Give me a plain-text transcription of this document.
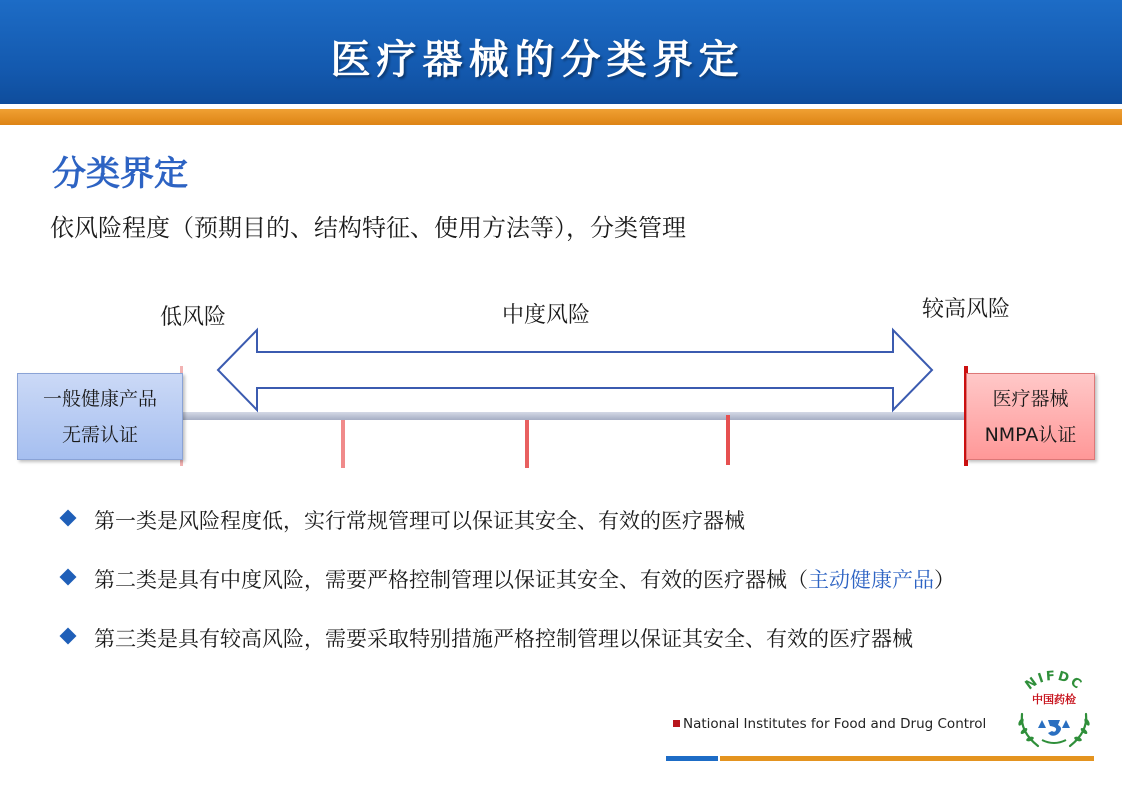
医疗器械的分类界定
分类界定
依风险程度（预期目的、结构特征、使用方法等），分类管理
低风险	中度风险	较高风险
一般健康产品
无需认证
医疗器械
NMPA认证
第一类是风险程度低，实行常规管理可以保证其安全、有效的医疗器械
第二类是具有中度风险，需要严格控制管理以保证其安全、有效的医疗器械（ 主动健康产品 ）
第三类是具有较高风险，需要采取特别措施严格控制管理以保证其安全、有效的医疗器械
National Institutes for Food and Drug Control
NIFDC
中国药检
